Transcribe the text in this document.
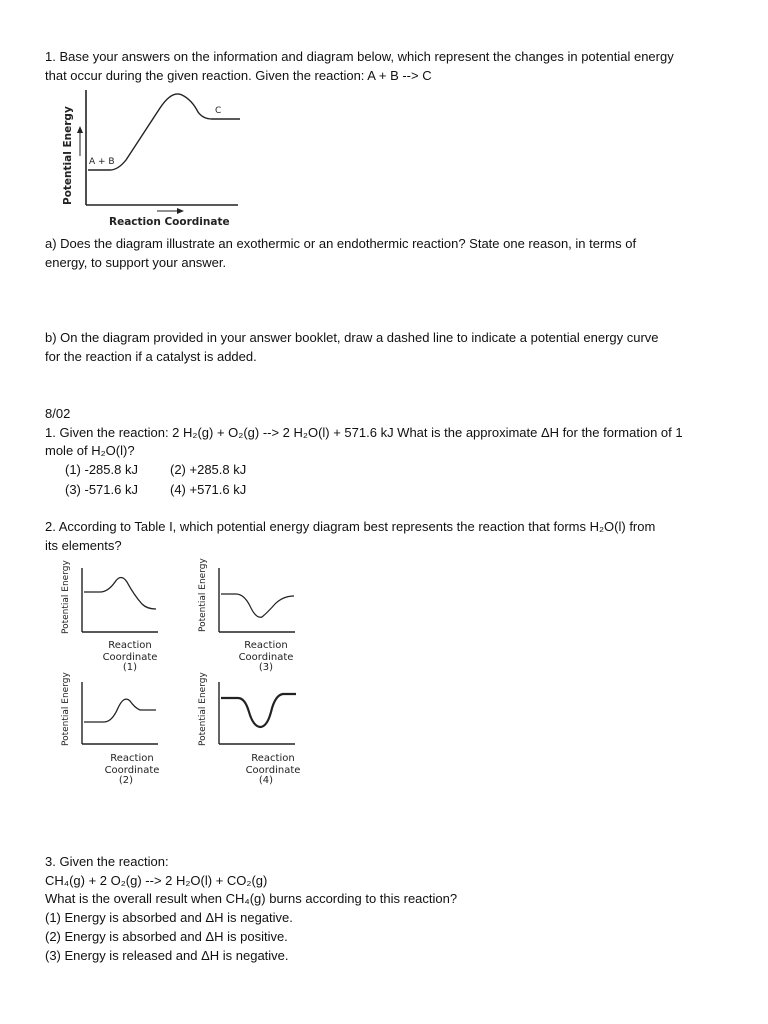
1. Base your answers on the information and diagram below, which represent the changes in potential energy

that occur during the given reaction. Given the reaction: A + B --> C

Potential Energy
Reaction Coordinate
A + B
C

a) Does the diagram illustrate an exothermic or an endothermic reaction? State one reason, in terms of

energy, to support your answer.

b) On the diagram provided in your answer booklet, draw a dashed line to indicate a potential energy curve

for the reaction if a catalyst is added.

8/02

1. Given the reaction: 2 H₂(g) + O₂(g) --> 2 H₂O(l) + 571.6 kJ What is the approximate ΔH for the formation of 1

mole of H₂O(l)?

(1) -285.8 kJ (2) +285.8 kJ

(3) -571.6 kJ (4) +571.6 kJ

2. According to Table I, which potential energy diagram best represents the reaction that forms H₂O(l) from

its elements?

Potential Energy
Reaction
Coordinate
(1)
Potential Energy
Reaction
Coordinate
(3)
Potential Energy
Reaction
Coordinate
(2)
Potential Energy
Reaction
Coordinate
(4)

3. Given the reaction:

CH₄(g) + 2 O₂(g) --> 2 H₂O(l) + CO₂(g)

What is the overall result when CH₄(g) burns according to this reaction?

(1) Energy is absorbed and ΔH is negative.

(2) Energy is absorbed and ΔH is positive.

(3) Energy is released and ΔH is negative.
